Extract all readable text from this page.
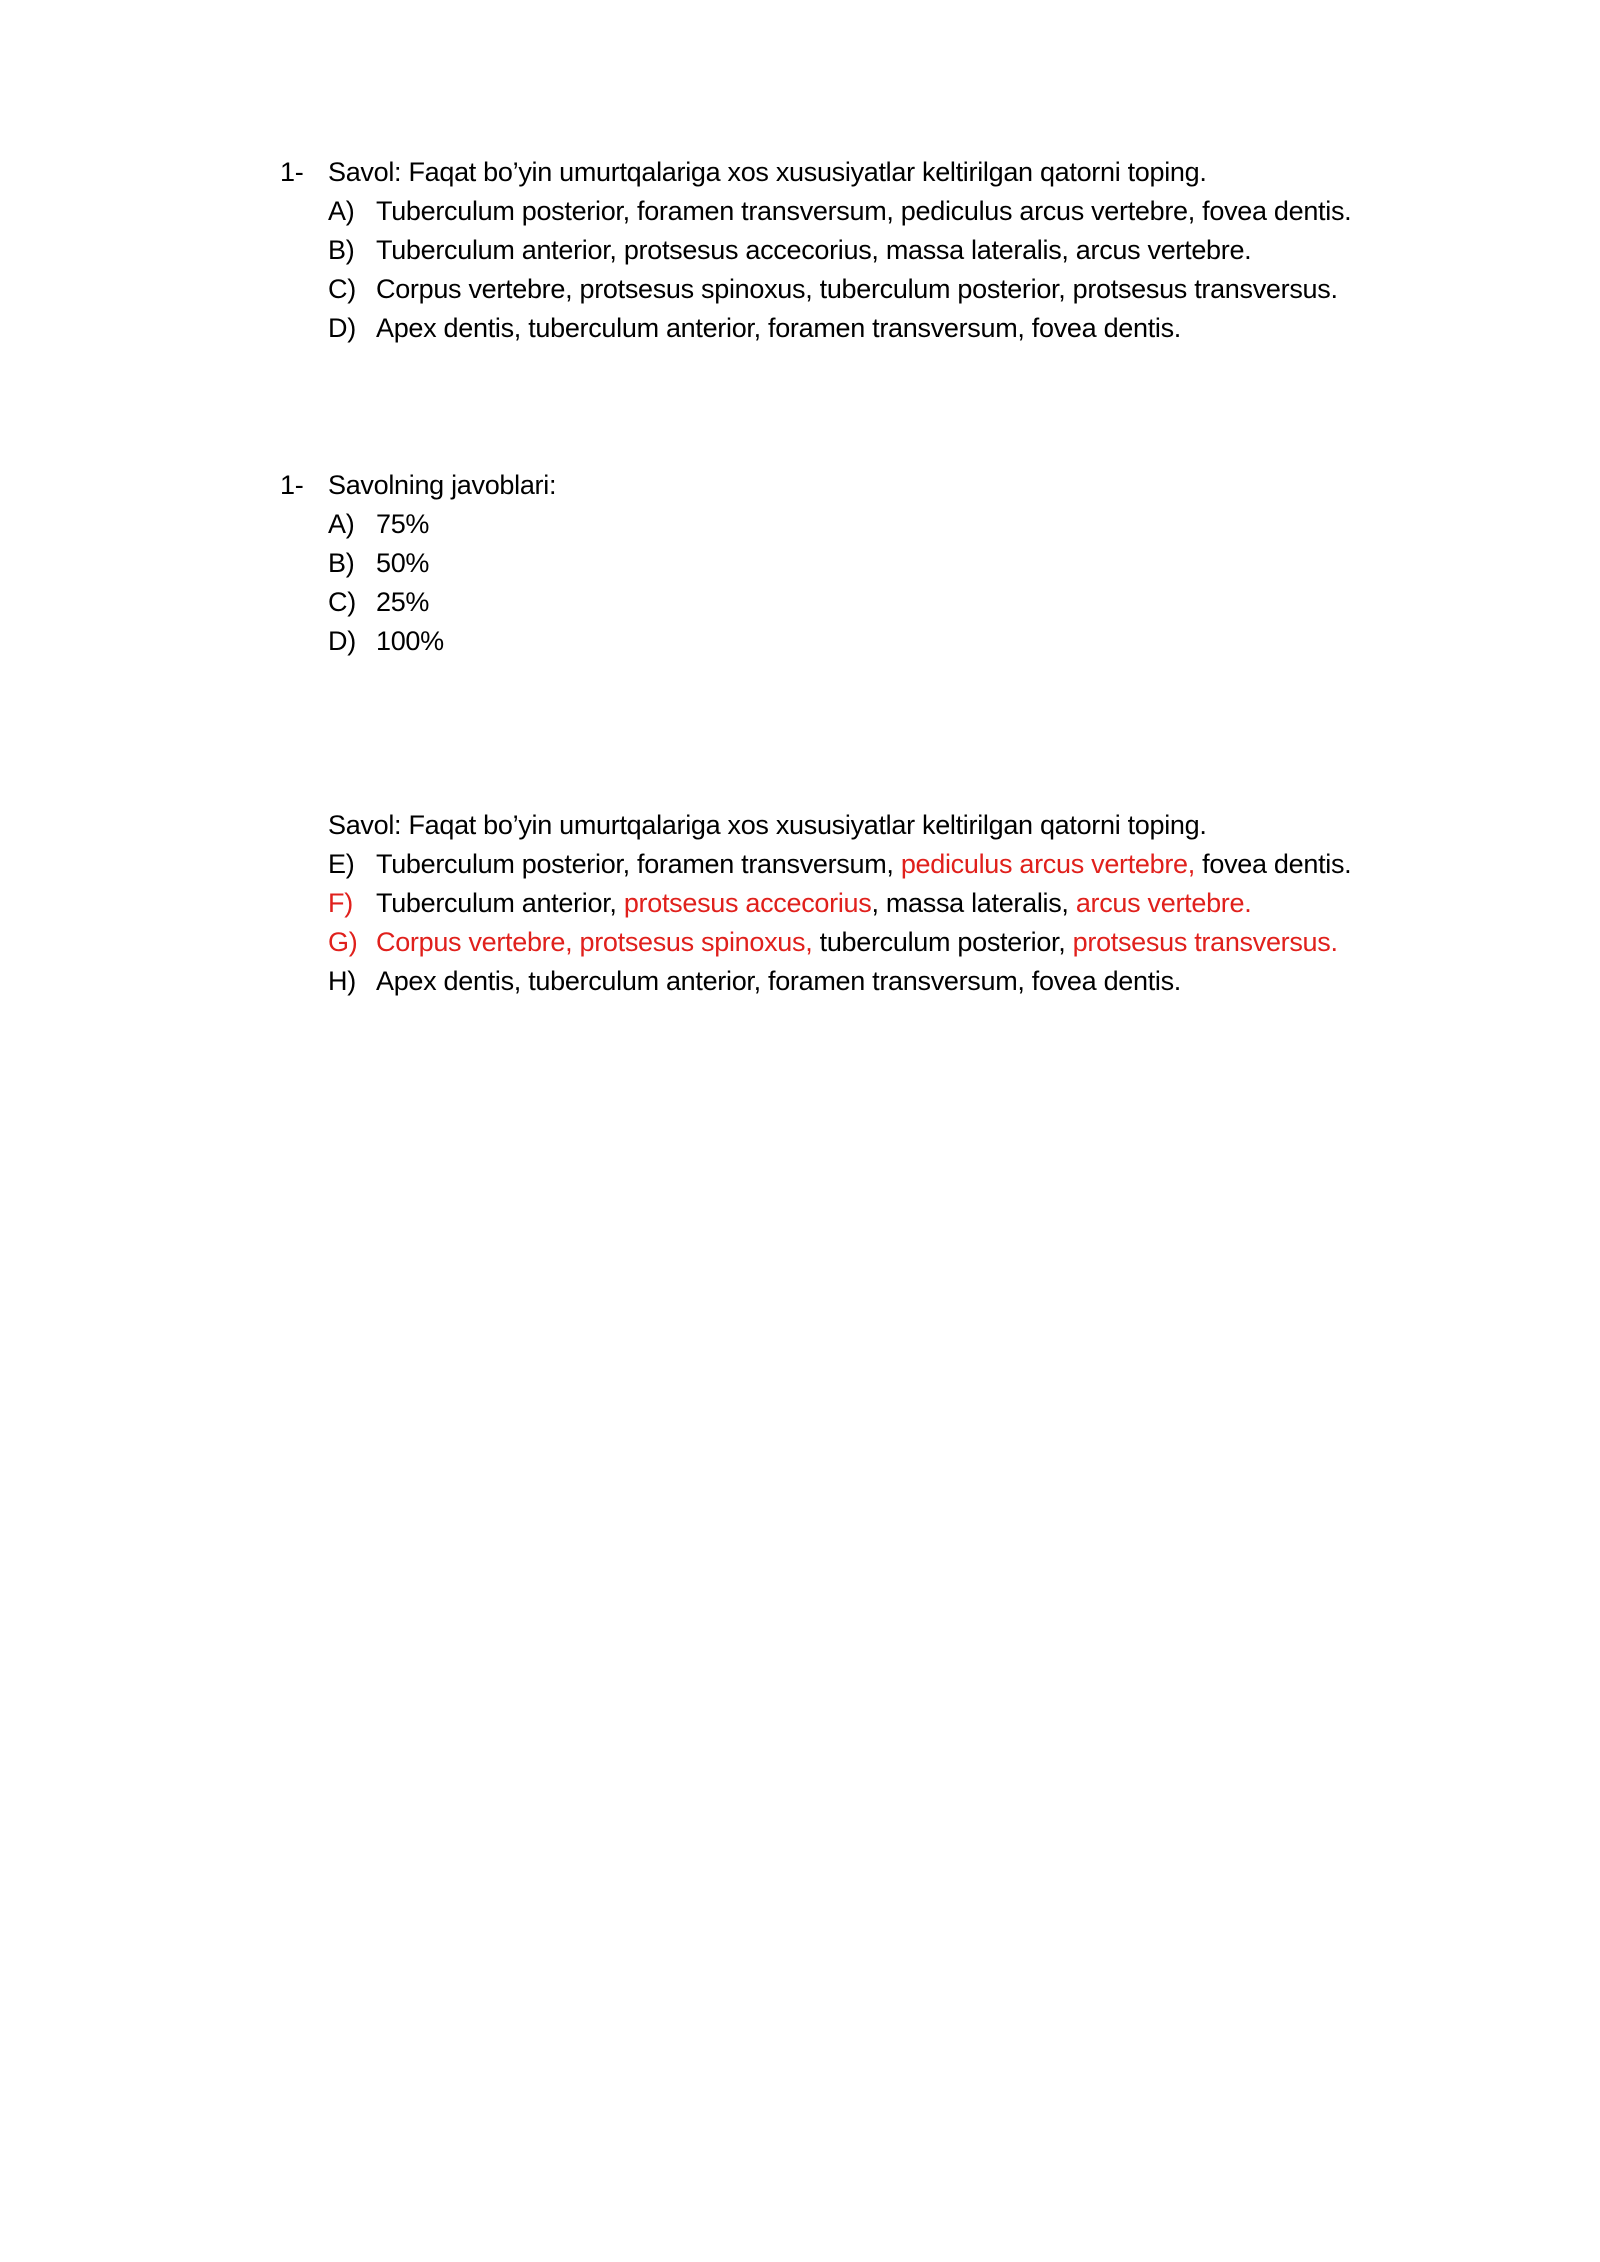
1- Savol: Faqat bo’yin umurtqalariga xos xususiyatlar keltirilgan qatorni toping.
A) Tuberculum posterior, foramen transversum, pediculus arcus vertebre, fovea dentis.
B) Tuberculum anterior, protsesus accecorius, massa lateralis, arcus vertebre.
C) Corpus vertebre, protsesus spinoxus, tuberculum posterior, protsesus transversus.
D) Apex dentis, tuberculum anterior, foramen transversum, fovea dentis.
1- Savolning javoblari:
A) 75%
B) 50%
C) 25%
D) 100%
Savol: Faqat bo’yin umurtqalariga xos xususiyatlar keltirilgan qatorni toping.
E) Tuberculum posterior, foramen transversum, pediculus arcus vertebre, fovea dentis.
F) Tuberculum anterior, protsesus accecorius, massa lateralis, arcus vertebre.
G) Corpus vertebre, protsesus spinoxus, tuberculum posterior, protsesus transversus.
H) Apex dentis, tuberculum anterior, foramen transversum, fovea dentis.
